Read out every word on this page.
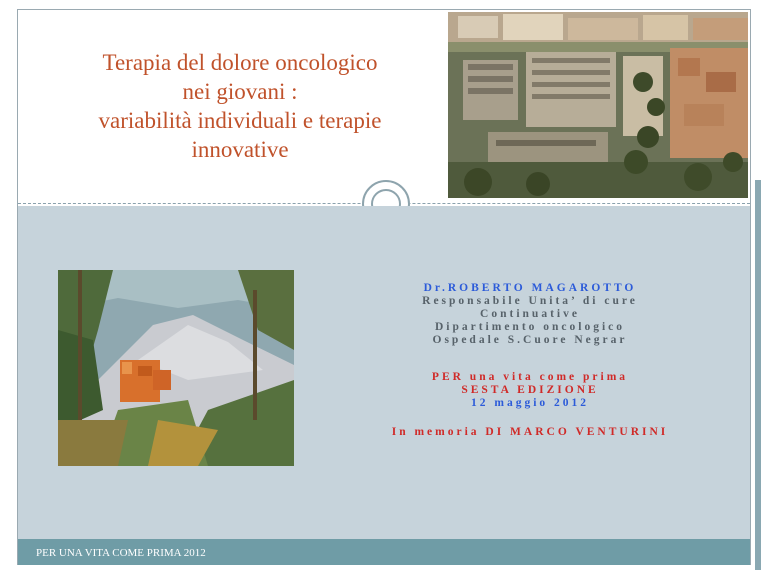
Terapia del dolore oncologico
nei giovani :
variabilità individuali e terapie
innovative
Dr.ROBERTO MAGAROTTO
Responsabile Unita’ di cure
Continuative
Dipartimento oncologico
Ospedale S.Cuore Negrar
PER una vita come prima
SESTA EDIZIONE
12 maggio 2012
In memoria DI MARCO VENTURINI
PER UNA VITA COME PRIMA 2012
